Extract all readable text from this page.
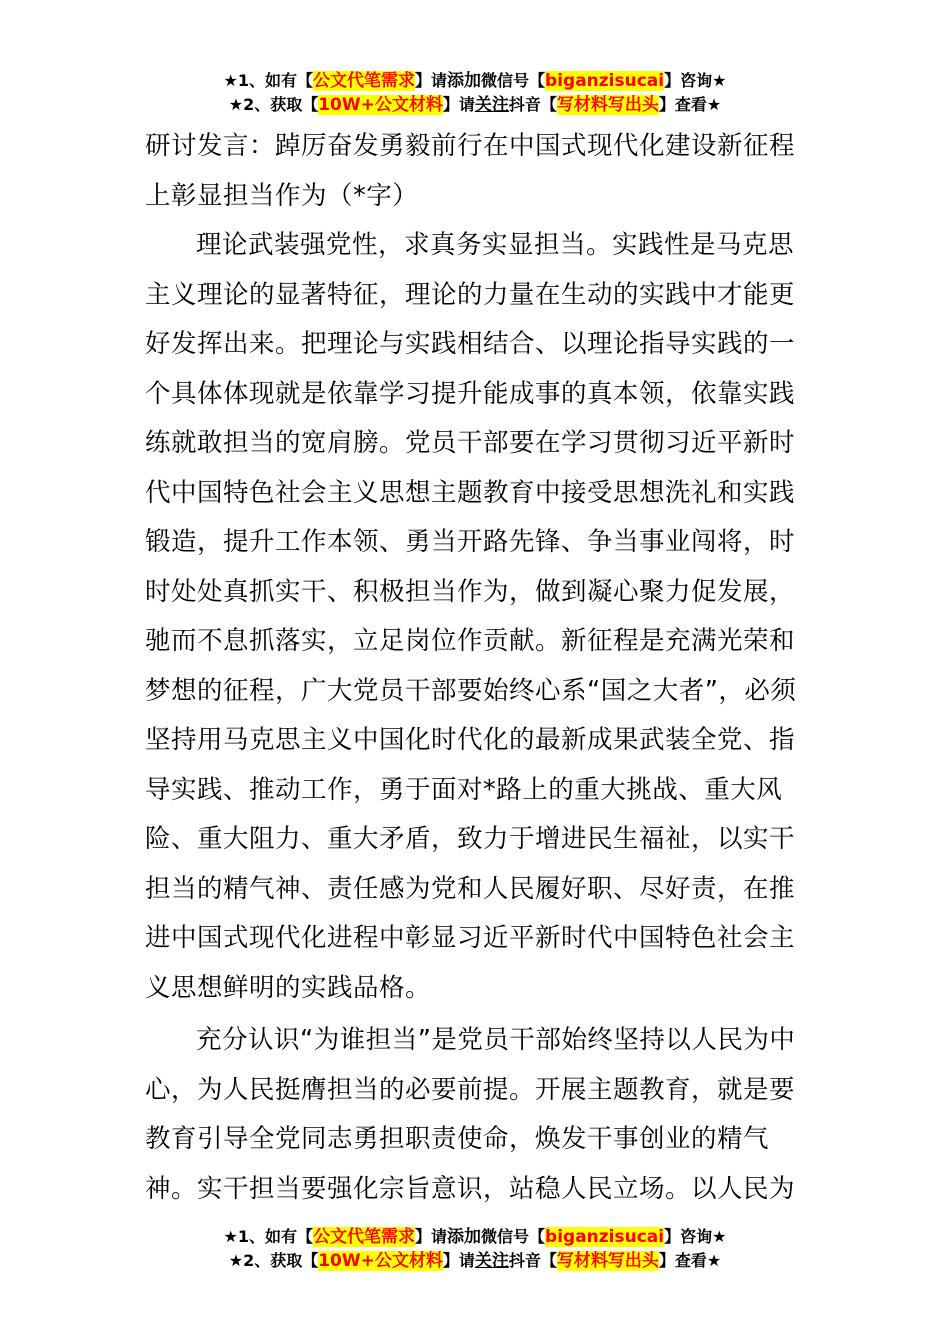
★1、如有【公文代笔需求】请添加微信号【biganzisucai】咨询★
★2、获取【10W+公文材料】请关注抖音【写材料写出头】查看★
研讨发言：踔厉奋发勇毅前行在中国式现代化建设新征程上彰显担当作为（*字）

理论武装强党性，求真务实显担当。实践性是马克思主义理论的显著特征，理论的力量在生动的实践中才能更好发挥出来。把理论与实践相结合、以理论指导实践的一个具体体现就是依靠学习提升能成事的真本领，依靠实践练就敢担当的宽肩膀。党员干部要在学习贯彻习近平新时代中国特色社会主义思想主题教育中接受思想洗礼和实践锻造，提升工作本领、勇当开路先锋、争当事业闯将，时时处处真抓实干、积极担当作为，做到凝心聚力促发展，驰而不息抓落实，立足岗位作贡献。新征程是充满光荣和梦想的征程，广大党员干部要始终心系“国之大者”，必须坚持用马克思主义中国化时代化的最新成果武装全党、指导实践、推动工作，勇于面对*路上的重大挑战、重大风险、重大阻力、重大矛盾，致力于增进民生福祉，以实干担当的精气神、责任感为党和人民履好职、尽好责，在推进中国式现代化进程中彰显习近平新时代中国特色社会主义思想鲜明的实践品格。

充分认识“为谁担当”是党员干部始终坚持以人民为中心，为人民挺膺担当的必要前提。开展主题教育，就是要教育引导全党同志勇担职责使命，焕发干事创业的精气神。实干担当要强化宗旨意识，站稳人民立场。以人民为

★1、如有【公文代笔需求】请添加微信号【biganzisucai】咨询★
★2、获取【10W+公文材料】请关注抖音【写材料写出头】查看★
